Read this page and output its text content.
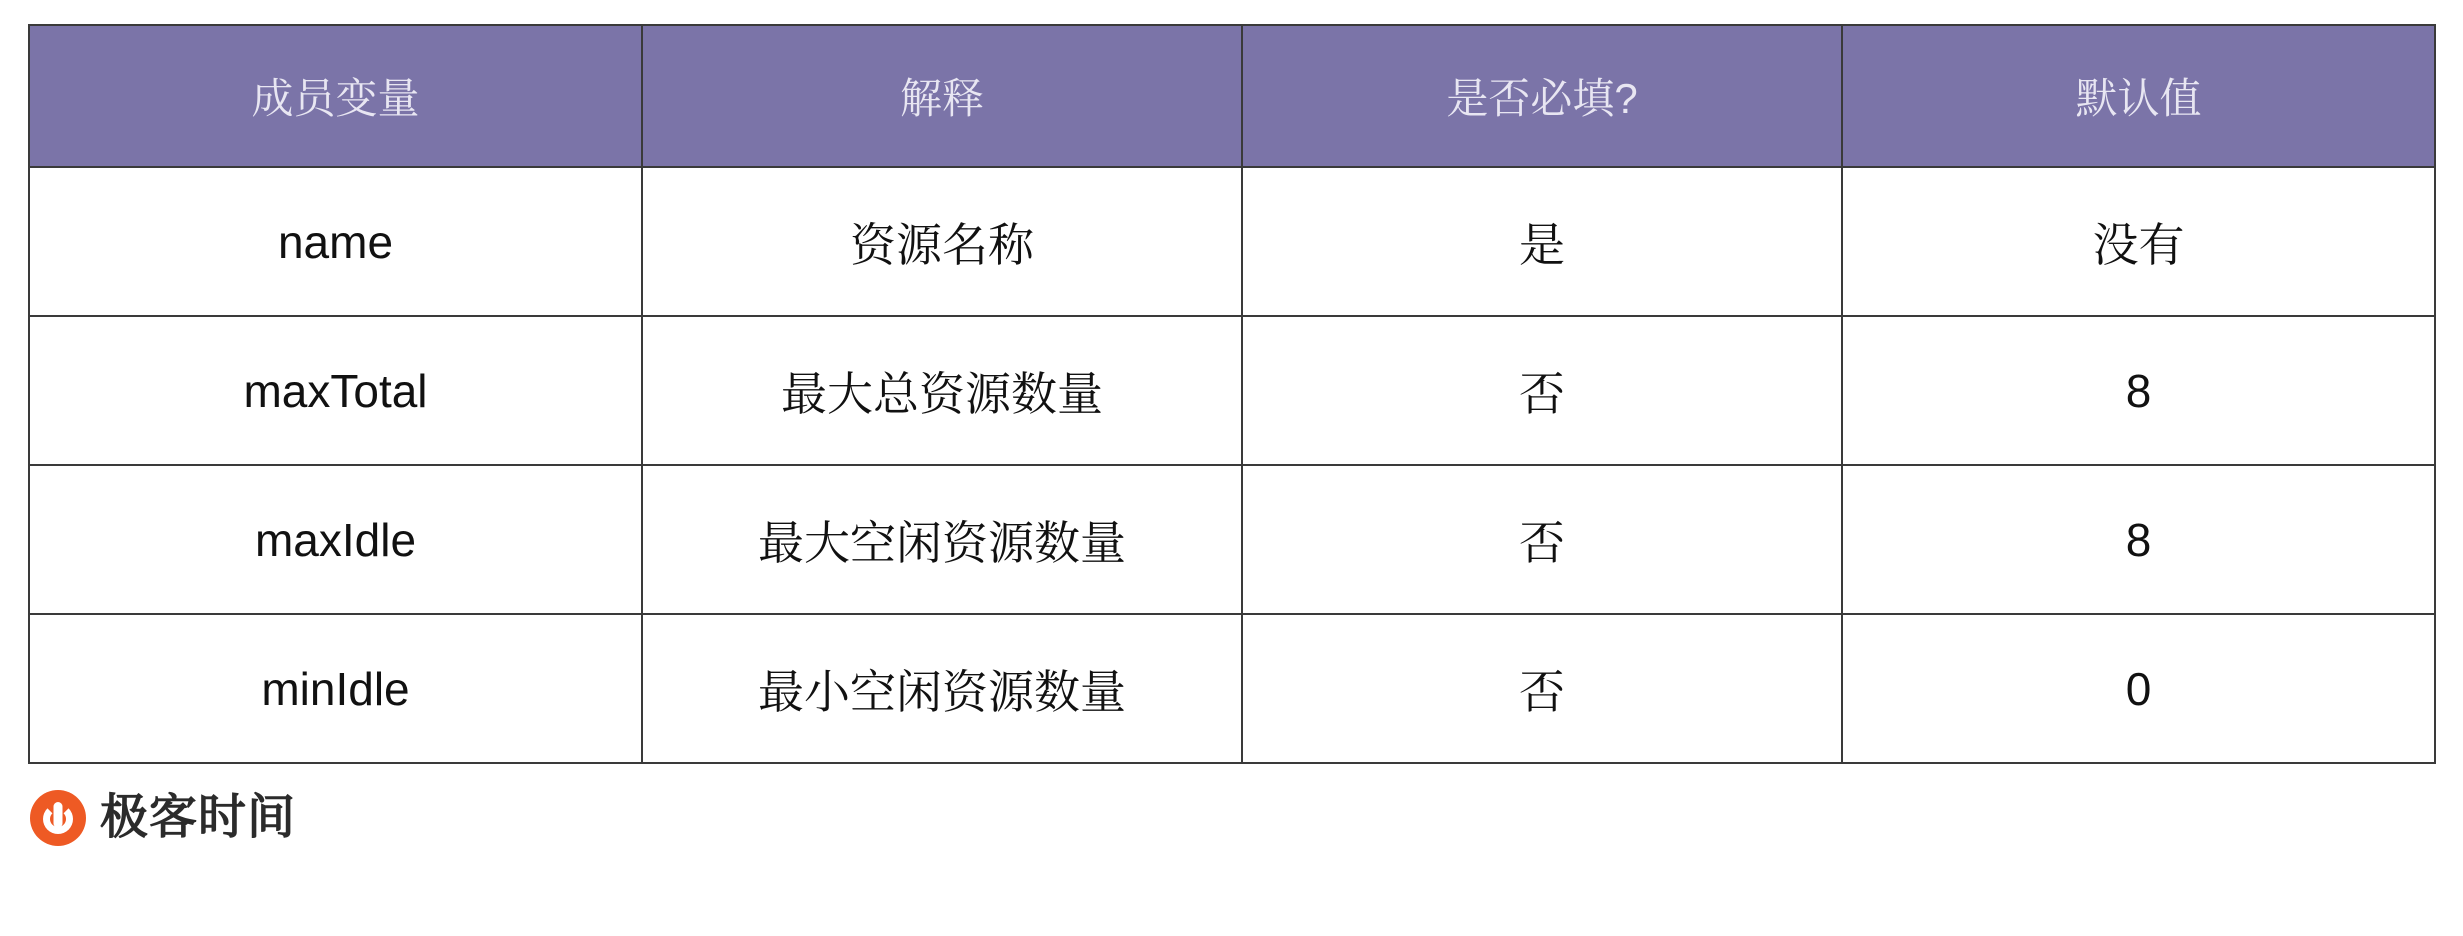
成员变量	解释	是否必填?	默认值
name	资源名称	是	没有
maxTotal	最大总资源数量	否	8
maxIdle	最大空闲资源数量	否	8
minIdle	最小空闲资源数量	否	0
极客时间
